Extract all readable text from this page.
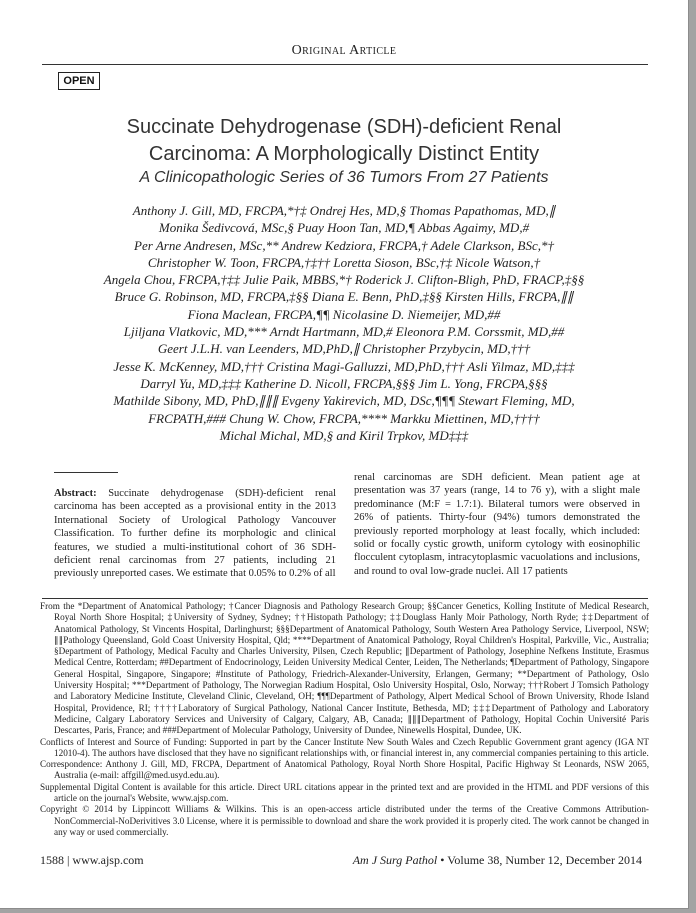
Original Article
OPEN
Succinate Dehydrogenase (SDH)-deficient Renal
Carcinoma: A Morphologically Distinct Entity
A Clinicopathologic Series of 36 Tumors From 27 Patients
Anthony J. Gill, MD, FRCPA,*†‡ Ondrej Hes, MD,§ Thomas Papathomas, MD,∥
Monika Šedivcová, MSc,§ Puay Hoon Tan, MD,¶ Abbas Agaimy, MD,#
Per Arne Andresen, MSc,** Andrew Kedziora, FRCPA,† Adele Clarkson, BSc,*†
Christopher W. Toon, FRCPA,†‡†† Loretta Sioson, BSc,†‡ Nicole Watson,†
Angela Chou, FRCPA,†‡‡ Julie Paik, MBBS,*† Roderick J. Clifton-Bligh, PhD, FRACP,‡§§
Bruce G. Robinson, MD, FRCPA,‡§§ Diana E. Benn, PhD,‡§§ Kirsten Hills, FRCPA,∥∥
Fiona Maclean, FRCPA,¶¶ Nicolasine D. Niemeijer, MD,##
Ljiljana Vlatkovic, MD,*** Arndt Hartmann, MD,# Eleonora P.M. Corssmit, MD,##
Geert J.L.H. van Leenders, MD,PhD,∥ Christopher Przybycin, MD,†††
Jesse K. McKenney, MD,††† Cristina Magi-Galluzzi, MD,PhD,††† Asli Yilmaz, MD,‡‡‡
Darryl Yu, MD,‡‡‡ Katherine D. Nicoll, FRCPA,§§§ Jim L. Yong, FRCPA,§§§
Mathilde Sibony, MD, PhD,∥∥∥ Evgeny Yakirevich, MD, DSc,¶¶¶ Stewart Fleming, MD,
FRCPATH,### Chung W. Chow, FRCPA,**** Markku Miettinen, MD,††††
Michal Michal, MD,§ and Kiril Trpkov, MD‡‡‡
Abstract: Succinate dehydrogenase (SDH)-deficient renal carcinoma has been accepted as a provisional entity in the 2013 International Society of Urological Pathology Vancouver Classification. To further define its morphologic and clinical features, we studied a multi-institutional cohort of 36 SDH-deficient renal carcinomas from 27 patients, including 21 previously unreported cases. We estimate that 0.05% to 0.2% of all
renal carcinomas are SDH deficient. Mean patient age at presentation was 37 years (range, 14 to 76 y), with a slight male predominance (M:F = 1.7:1). Bilateral tumors were observed in 26% of patients. Thirty-four (94%) tumors demonstrated the previously reported morphology at least focally, which included: solid or focally cystic growth, uniform cytology with eosinophilic flocculent cytoplasm, intracytoplasmic vacuolations and inclusions, and round to oval low-grade nuclei. All 17 patients
From the *Department of Anatomical Pathology; †Cancer Diagnosis and Pathology Research Group; §§Cancer Genetics, Kolling Institute of Medical Research, Royal North Shore Hospital; ‡University of Sydney, Sydney; ††Histopath Pathology; ‡‡Douglass Hanly Moir Pathology, North Ryde; ‡‡Department of Anatomical Pathology, St Vincents Hospital, Darlinghurst; §§§Department of Anatomical Pathology, South Western Area Pathology Service, Liverpool, NSW; ∥∥Pathology Queensland, Gold Coast University Hospital, Qld; ****Department of Anatomical Pathology, Royal Children's Hospital, Parkville, Vic., Australia; §Department of Pathology, Medical Faculty and Charles University, Pilsen, Czech Republic; ∥Department of Pathology, Josephine Nefkens Institute, Erasmus Medical Centre, Rotterdam; ##Department of Endocrinology, Leiden University Medical Center, Leiden, The Netherlands; ¶Department of Pathology, Singapore General Hospital, Singapore, Singapore; #Institute of Pathology, Friedrich-Alexander-University, Erlangen, Germany; **Department of Pathology, Oslo University Hospital; ***Department of Pathology, The Norwegian Radium Hospital, Oslo University Hospital, Oslo, Norway; †††Robert J Tomsich Pathology and Laboratory Medicine Institute, Cleveland Clinic, Cleveland, OH; ¶¶¶Department of Pathology, Alpert Medical School of Brown University, Rhode Island Hospital, Providence, RI; ††††Laboratory of Surgical Pathology, National Cancer Institute, Bethesda, MD; ‡‡‡Department of Pathology and Laboratory Medicine, Calgary Laboratory Services and University of Calgary, Calgary, AB, Canada; ∥∥∥Department of Pathology, Hopital Cochin Université Paris Descartes, Paris, France; and ###Department of Molecular Pathology, University of Dundee, Ninewells Hospital, Dundee, UK.
Conflicts of Interest and Source of Funding: Supported in part by the Cancer Institute New South Wales and Czech Republic Government grant agency (IGA NT 12010-4). The authors have disclosed that they have no significant relationships with, or financial interest in, any commercial companies pertaining to this article.
Correspondence: Anthony J. Gill, MD, FRCPA, Department of Anatomical Pathology, Royal North Shore Hospital, Pacific Highway St Leonards, NSW 2065, Australia (e-mail: affgill@med.usyd.edu.au).
Supplemental Digital Content is available for this article. Direct URL citations appear in the printed text and are provided in the HTML and PDF versions of this article on the journal's Website, www.ajsp.com.
Copyright © 2014 by Lippincott Williams & Wilkins. This is an open-access article distributed under the terms of the Creative Commons Attribution-NonCommercial-NoDerivitives 3.0 License, where it is permissible to download and share the work provided it is properly cited. The work cannot be changed in any way or used commercially.
1588 | www.ajsp.com	Am J Surg Pathol • Volume 38, Number 12, December 2014
